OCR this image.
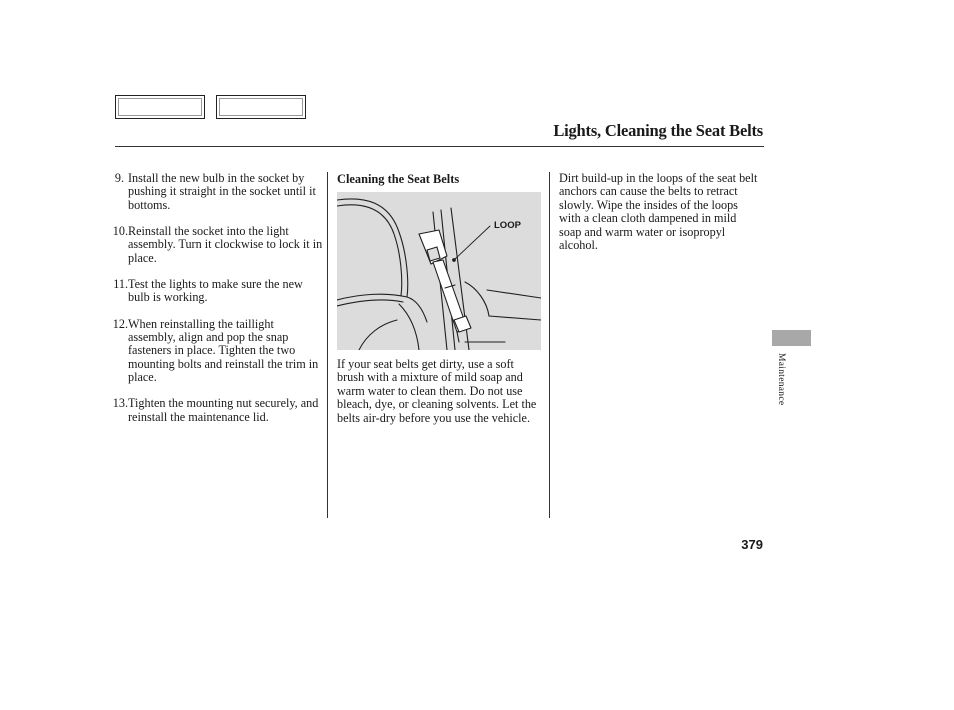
Lights, Cleaning the Seat Belts
9. Install the new bulb in the socket by pushing it straight in the socket until it bottoms.
10. Reinstall the socket into the light assembly. Turn it clockwise to lock it in place.
11. Test the lights to make sure the new bulb is working.
12. When reinstalling the taillight assembly, align and pop the snap fasteners in place. Tighten the two mounting bolts and reinstall the trim in place.
13. Tighten the mounting nut securely, and reinstall the maintenance lid.
Cleaning the Seat Belts
LOOP

If your seat belts get dirty, use a soft brush with a mixture of mild soap and warm water to clean them. Do not use bleach, dye, or cleaning solvents. Let the belts air-dry before you use the vehicle.

Dirt build-up in the loops of the seat belt anchors can cause the belts to retract slowly. Wipe the insides of the loops with a clean cloth dampened in mild soap and warm water or isopropyl alcohol.

Maintenance
379
